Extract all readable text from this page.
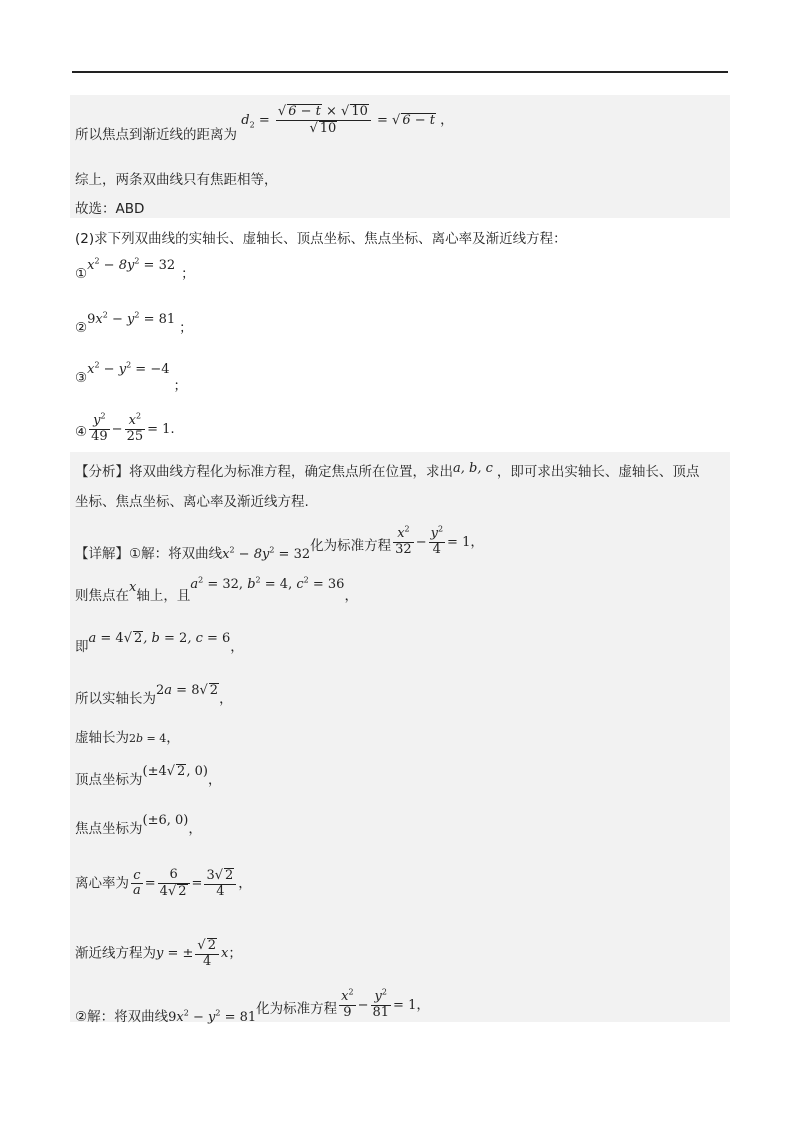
所以焦点到渐近线的距离为 $d_2 = \frac{√ 6 - t \times √ 10}{√ 10}$ = √ 6 − t ，
综上，两条双曲线只有焦距相等，
故选：ABD
(2)求下列双曲线的实轴长、虚轴长、顶点坐标、焦点坐标、离心率及渐近线方程：
$①x^2 - 8y^2 = 32$；
$②9x^2 - y^2 = 81$；
$③x^2 - y^2 = -4$；
④ $\frac{y^2}{49} - \frac{x^2}{25} = 1$.
【分析】将双曲线方程化为标准方程，确定焦点所在位置，求出a, b, c ，即可求出实轴长、虚轴长、顶点
坐标、焦点坐标、离心率及渐近线方程.
【详解】①解：将双曲线$x^2 - 8y^2 = 32$化为标准方程 $\frac{x^2}{32} - \frac{y^2}{4} = 1$，
则焦点在x轴上，且$a^2 = 32$, $b^2 = 4$, $c^2 = 36$，
即a = 4√ 2, b = 2, c = 6，
所以实轴长为2a = 8√ 2，
虚轴长为2b = 4，
顶点坐标为(±4√ 2, 0)，
焦点坐标为(±6, 0)，
离心率为 $\frac{c}{a} = \frac{6}{4√ 2} = \frac{3√ 2}{4}$ ，
渐近线方程为y = ± $\frac{√ 2}{4}$ x；
②解：将双曲线$9x^2 - y^2 = 81$化为标准方程 $\frac{x^2}{9} - \frac{y^2}{81} = 1$，
